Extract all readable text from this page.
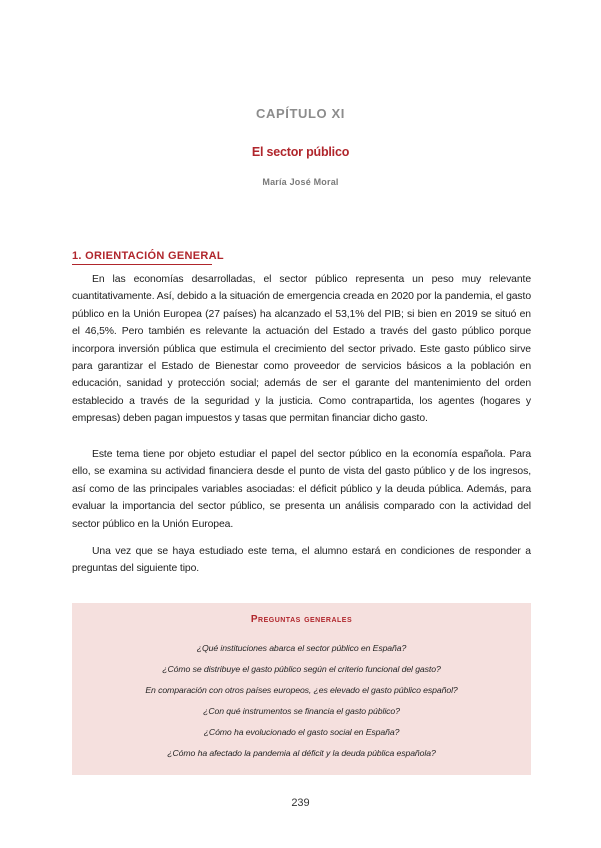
CAPÍTULO XI
El sector público
María José Moral
1. ORIENTACIÓN GENERAL

En las economías desarrolladas, el sector público representa un peso muy relevante cuantitativamente. Así, debido a la situación de emergencia creada en 2020 por la pandemia, el gasto público en la Unión Europea (27 países) ha alcanzado el 53,1% del PIB; si bien en 2019 se situó en el 46,5%. Pero también es relevante la actuación del Estado a través del gasto público porque incorpora inversión pública que estimula el crecimiento del sector privado. Este gasto público sirve para garantizar el Estado de Bienestar como proveedor de servicios básicos a la población en educación, sanidad y protección social; además de ser el garante del mantenimiento del orden establecido a través de la seguridad y la justicia. Como contrapartida, los agentes (hogares y empresas) deben pagan impuestos y tasas que permitan financiar dicho gasto.

Este tema tiene por objeto estudiar el papel del sector público en la economía española. Para ello, se examina su actividad financiera desde el punto de vista del gasto público y de los ingresos, así como de las principales variables asociadas: el déficit público y la deuda pública. Además, para evaluar la importancia del sector público, se presenta un análisis comparado con la actividad del sector público en la Unión Europea.

Una vez que se haya estudiado este tema, el alumno estará en condiciones de responder a preguntas del siguiente tipo.

Preguntas generales
¿Qué instituciones abarca el sector público en España?
¿Cómo se distribuye el gasto público según el criterio funcional del gasto?
En comparación con otros países europeos, ¿es elevado el gasto público español?
¿Con qué instrumentos se financia el gasto público?
¿Cómo ha evolucionado el gasto social en España?
¿Cómo ha afectado la pandemia al déficit y la deuda pública española?
239
